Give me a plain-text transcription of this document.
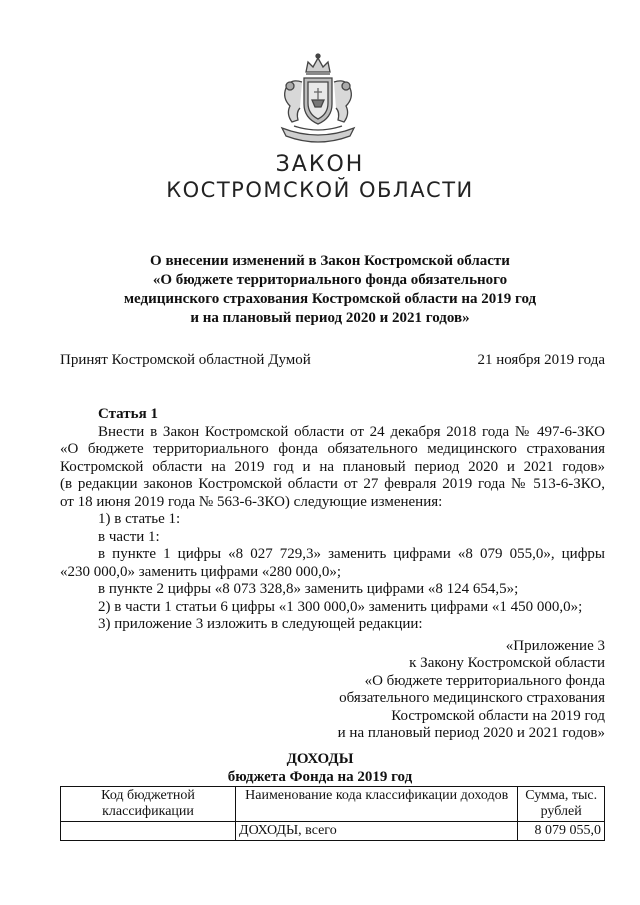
ЗАКОН
КОСТРОМСКОЙ ОБЛАСТИ
О внесении изменений в Закон Костромской области
«О бюджете территориального фонда обязательного
медицинского страхования Костромской области на 2019 год
и на плановый период 2020 и 2021 годов»
Принят Костромской областной Думой	21 ноября 2019 года
Статья 1
Внести в Закон Костромской области от 24 декабря 2018 года № 497-6-ЗКО
«О бюджете территориального фонда обязательного медицинского страхования
Костромской области на 2019 год и на плановый период 2020 и 2021 годов»
(в редакции законов Костромской области от 27 февраля 2019 года № 513-6-ЗКО,
от 18 июня 2019 года № 563-6-ЗКО) следующие изменения:
1) в статье 1:
в части 1:
в пункте 1 цифры «8 027 729,3» заменить цифрами «8 079 055,0», цифры
«230 000,0» заменить цифрами «280 000,0»;
в пункте 2 цифры «8 073 328,8» заменить цифрами «8 124 654,5»;
2) в части 1 статьи 6 цифры «1 300 000,0» заменить цифрами «1 450 000,0»;
3) приложение 3 изложить в следующей редакции:
«Приложение 3
к Закону Костромской области
«О бюджете территориального фонда
обязательного медицинского страхования
Костромской области на 2019 год
и на плановый период 2020 и 2021 годов»
ДОХОДЫ
бюджета Фонда на 2019 год
Код бюджетной классификации	Наименование кода классификации доходов	Сумма, тыс. рублей
	ДОХОДЫ, всего	8 079 055,0
